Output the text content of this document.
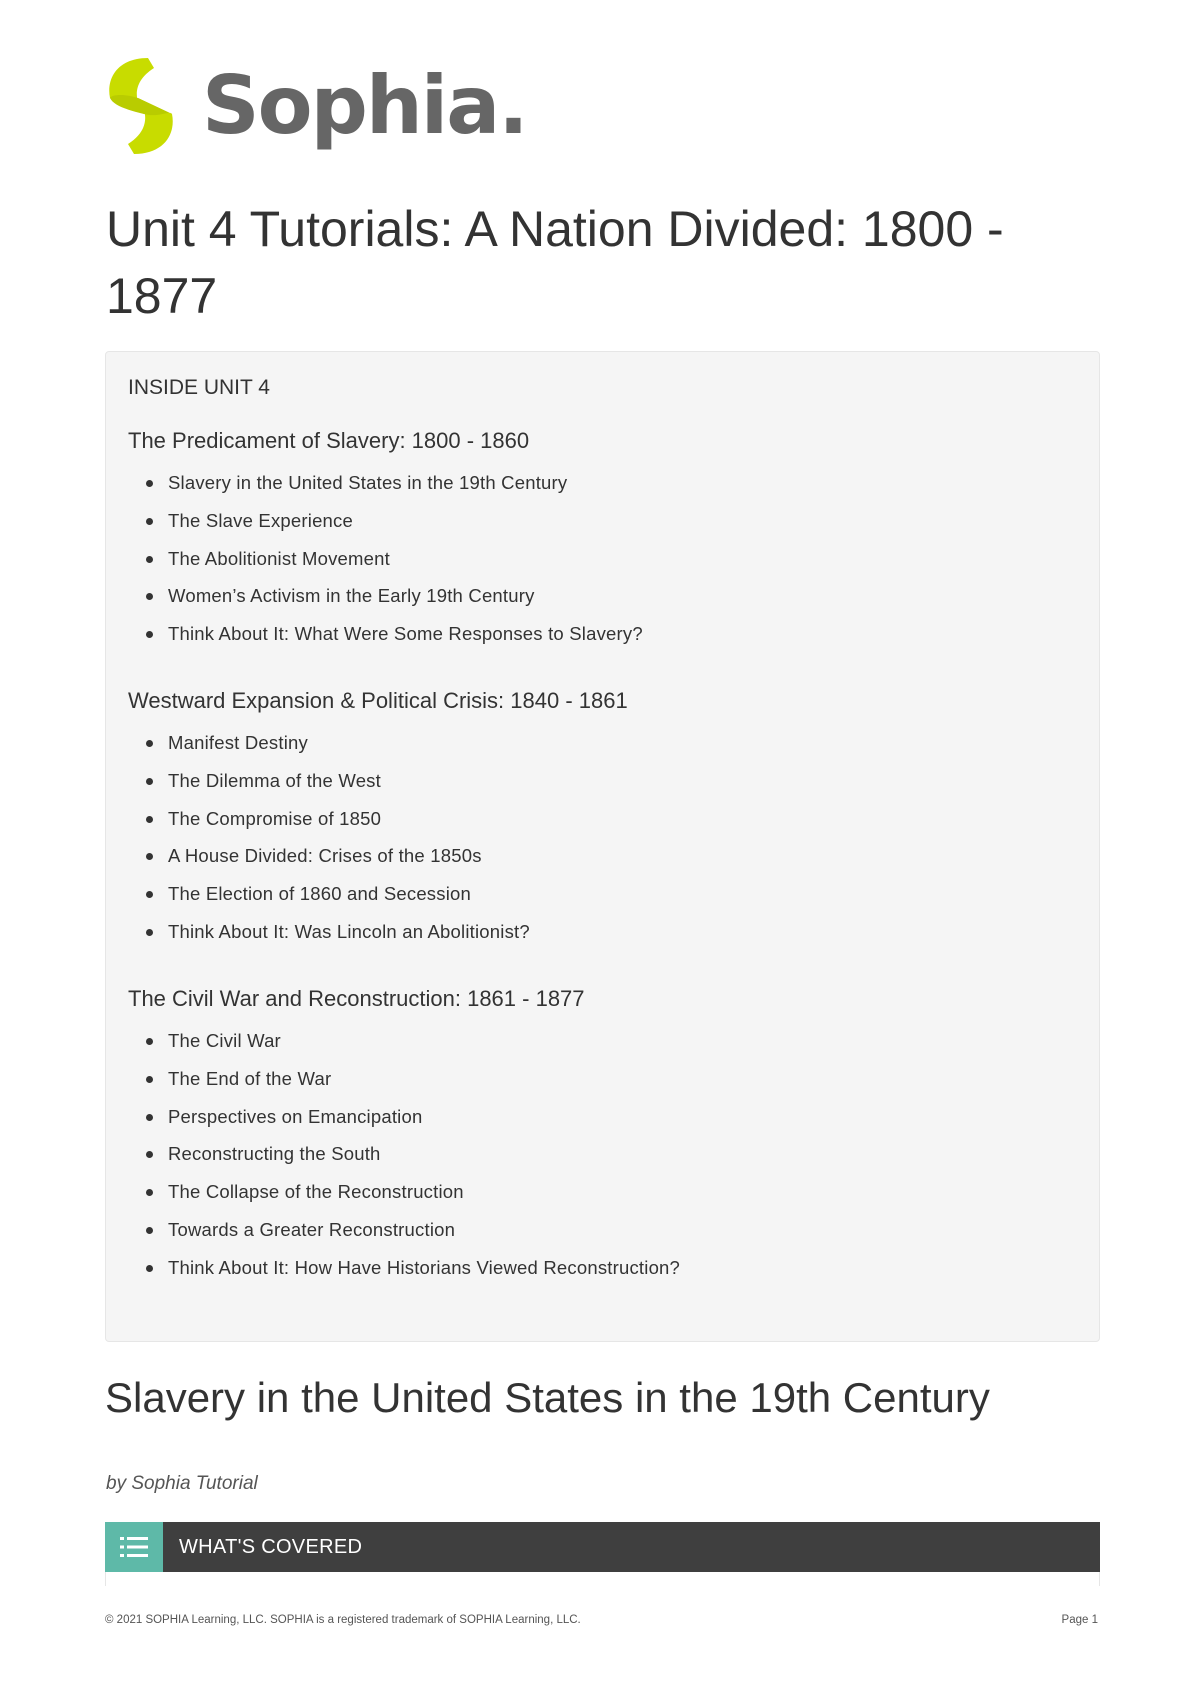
Sophia.
Unit 4 Tutorials: A Nation Divided: 1800 - 1877
INSIDE UNIT 4
The Predicament of Slavery: 1800 - 1860
Slavery in the United States in the 19th Century
The Slave Experience
The Abolitionist Movement
Women’s Activism in the Early 19th Century
Think About It: What Were Some Responses to Slavery?
Westward Expansion & Political Crisis: 1840 - 1861
Manifest Destiny
The Dilemma of the West
The Compromise of 1850
A House Divided: Crises of the 1850s
The Election of 1860 and Secession
Think About It: Was Lincoln an Abolitionist?
The Civil War and Reconstruction: 1861 - 1877
The Civil War
The End of the War
Perspectives on Emancipation
Reconstructing the South
The Collapse of the Reconstruction
Towards a Greater Reconstruction
Think About It: How Have Historians Viewed Reconstruction?
Slavery in the United States in the 19th Century
by Sophia Tutorial
WHAT'S COVERED
© 2021 SOPHIA Learning, LLC. SOPHIA is a registered trademark of SOPHIA Learning, LLC.	Page 1
